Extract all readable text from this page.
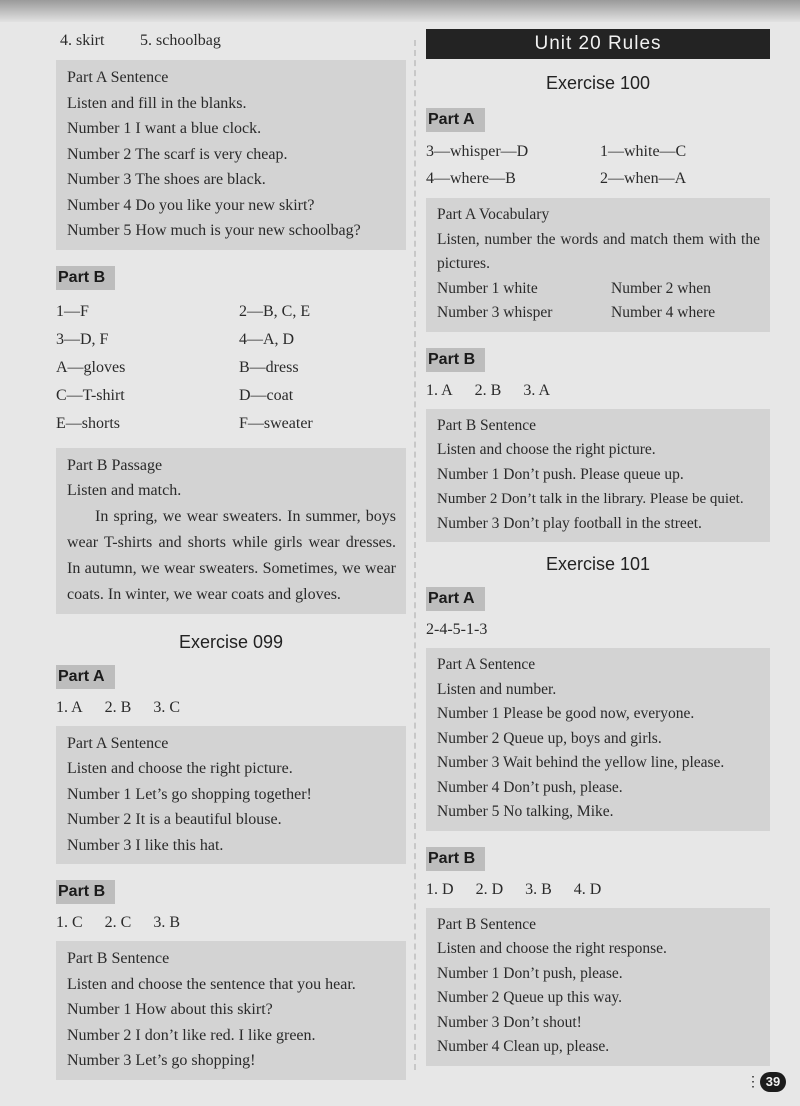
4. skirt	5. schoolbag
Part A Sentence
Listen and fill in the blanks.
Number 1 I want a blue clock.
Number 2 The scarf is very cheap.
Number 3 The shoes are black.
Number 4 Do you like your new skirt?
Number 5 How much is your new schoolbag?
Part B
1—F	2—B, C, E
3—D, F	4—A, D
A—gloves	B—dress
C—T-shirt	D—coat
E—shorts	F—sweater
Part B Passage
Listen and match.
In spring, we wear sweaters. In summer, boys wear T-shirts and shorts while girls wear dresses. In autumn, we wear sweaters. Sometimes, we wear coats. In winter, we wear coats and gloves.
Exercise 099
Part A
1. A 2. B 3. C
Part A Sentence
Listen and choose the right picture.
Number 1 Let’s go shopping together!
Number 2 It is a beautiful blouse.
Number 3 I like this hat.
Part B
1. C 2. C 3. B
Part B Sentence
Listen and choose the sentence that you hear.
Number 1 How about this skirt?
Number 2 I don’t like red. I like green.
Number 3 Let’s go shopping!
Unit 20 Rules
Exercise 100
Part A
3—whisper—D	1—white—C
4—where—B	2—when—A
Part A Vocabulary
Listen, number the words and match them with the pictures.
Number 1 white	Number 2 when
Number 3 whisper	Number 4 where
Part B
1. A 2. B 3. A
Part B Sentence
Listen and choose the right picture.
Number 1 Don’t push. Please queue up.
Number 2 Don’t talk in the library. Please be quiet.
Number 3 Don’t play football in the street.
Exercise 101
Part A
2-4-5-1-3
Part A Sentence
Listen and number.
Number 1 Please be good now, everyone.
Number 2 Queue up, boys and girls.
Number 3 Wait behind the yellow line, please.
Number 4 Don’t push, please.
Number 5 No talking, Mike.
Part B
1. D 2. D 3. B 4. D
Part B Sentence
Listen and choose the right response.
Number 1 Don’t push, please.
Number 2 Queue up this way.
Number 3 Don’t shout!
Number 4 Clean up, please.
⋮ 39
